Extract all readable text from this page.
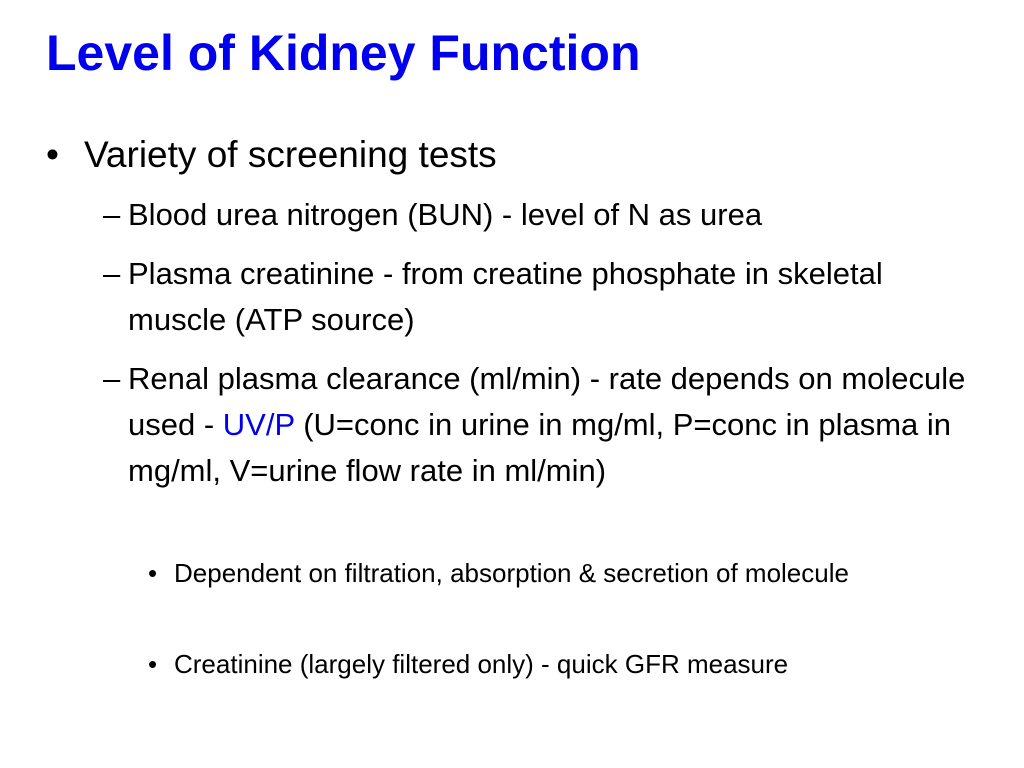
Level of Kidney Function
• Variety of screening tests
– Blood urea nitrogen (BUN) - level of N as urea
– Plasma creatinine - from creatine phosphate in skeletal muscle (ATP source)
– Renal plasma clearance (ml/min) - rate depends on molecule used - UV/P (U=conc in urine in mg/ml, P=conc in plasma in mg/ml, V=urine flow rate in ml/min)
• Dependent on filtration, absorption & secretion of molecule
• Creatinine (largely filtered only) - quick GFR measure
